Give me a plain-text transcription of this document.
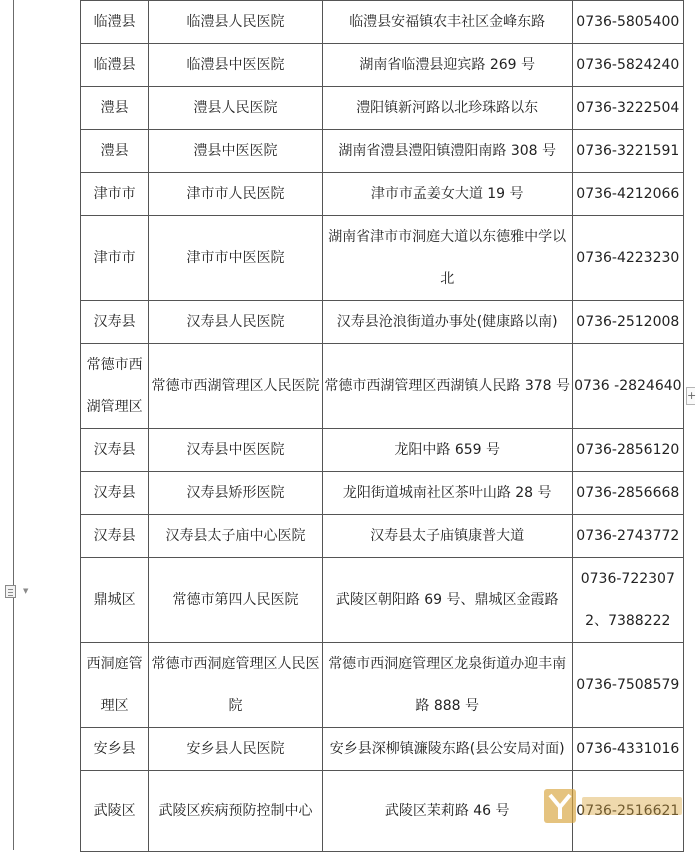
临澧县	临澧县人民医院	临澧县安福镇农丰社区金峰东路	0736-5805400
临澧县	临澧县中医医院	湖南省临澧县迎宾路 269 号	0736-5824240
澧县	澧县人民医院	澧阳镇新河路以北珍珠路以东	0736-3222504
澧县	澧县中医医院	湖南省澧县澧阳镇澧阳南路 308 号	0736-3221591
津市市	津市市人民医院	津市市孟姜女大道 19 号	0736-4212066
津市市	津市市中医医院	湖南省津市市洞庭大道以东德雅中学以北	0736-4223230
汉寿县	汉寿县人民医院	汉寿县沧浪街道办事处(健康路以南)	0736-2512008
常德市西湖管理区	常德市西湖管理区人民医院	常德市西湖管理区西湖镇人民路 378 号	0736 -2824640
汉寿县	汉寿县中医医院	龙阳中路 659 号	0736-2856120
汉寿县	汉寿县矫形医院	龙阳街道城南社区茶叶山路 28 号	0736-2856668
汉寿县	汉寿县太子庙中心医院	汉寿县太子庙镇康普大道	0736-2743772
鼎城区	常德市第四人民医院	武陵区朝阳路 69 号、鼎城区金霞路	0736-7223072、7388222
西洞庭管理区	常德市西洞庭管理区人民医院	常德市西洞庭管理区龙泉街道办迎丰南路 888 号	0736-7508579
安乡县	安乡县人民医院	安乡县深柳镇濂陵东路(县公安局对面)	0736-4331016
武陵区	武陵区疾病预防控制中心	武陵区茉莉路 46 号	0736-2516621
▼
+
